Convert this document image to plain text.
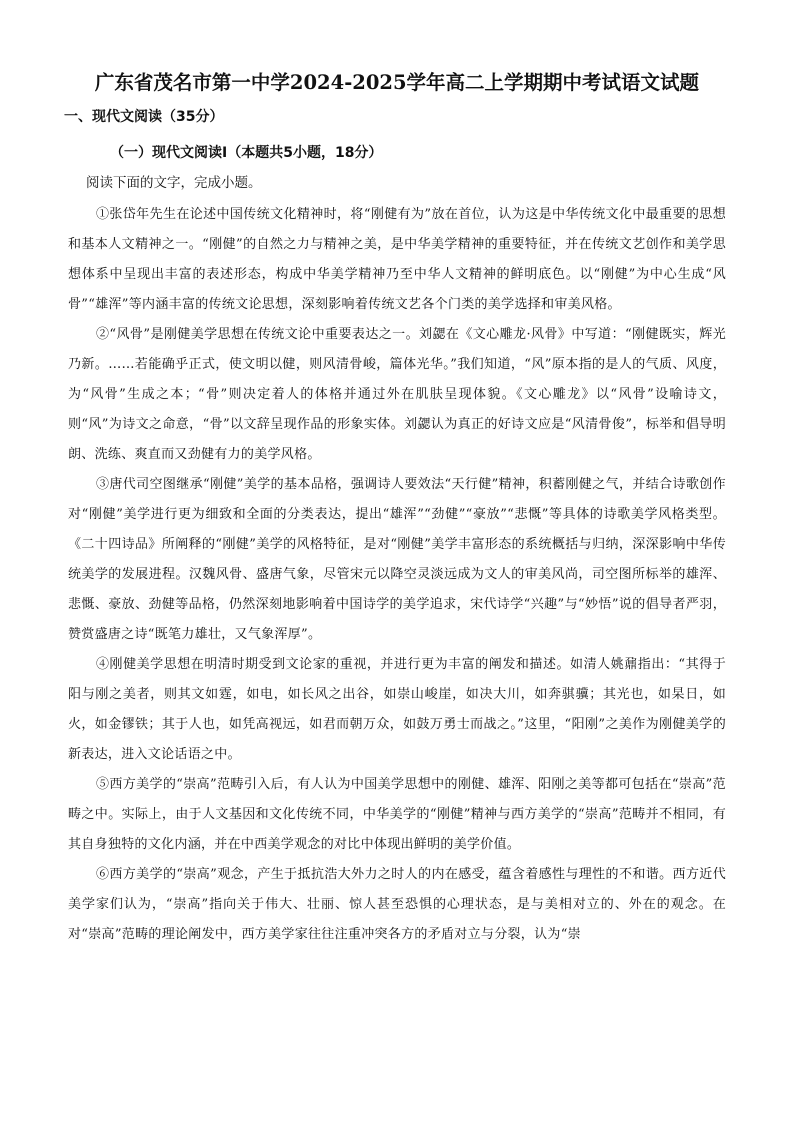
广东省茂名市第一中学2024-2025学年高二上学期期中考试语文试题
一、现代文阅读（35分）
（一）现代文阅读I（本题共5小题，18分）
阅读下面的文字，完成小题。

①张岱年先生在论述中国传统文化精神时，将“刚健有为”放在首位，认为这是中华传统文化中最重要的思想和基本人文精神之一。“刚健”的自然之力与精神之美，是中华美学精神的重要特征，并在传统文艺创作和美学思想体系中呈现出丰富的表述形态，构成中华美学精神乃至中华人文精神的鲜明底色。以“刚健”为中心生成“风骨”“雄浑”等内涵丰富的传统文论思想，深刻影响着传统文艺各个门类的美学选择和审美风格。

②“风骨”是刚健美学思想在传统文论中重要表达之一。刘勰在《文心雕龙·风骨》中写道：“刚健既实，辉光乃新。……若能确乎正式，使文明以健，则风清骨峻，篇体光华。”我们知道，“风”原本指的是人的气质、风度，为“风骨”生成之本；“骨”则决定着人的体格并通过外在肌肤呈现体貌。《文心雕龙》以“风骨”设喻诗文，则“风”为诗文之命意，“骨”以文辞呈现作品的形象实体。刘勰认为真正的好诗文应是“风清骨俊”，标举和倡导明朗、洗练、爽直而又劲健有力的美学风格。

③唐代司空图继承“刚健”美学的基本品格，强调诗人要效法“天行健”精神，积蓄刚健之气，并结合诗歌创作对“刚健”美学进行更为细致和全面的分类表达，提出“雄浑”“劲健”“豪放”“悲慨”等具体的诗歌美学风格类型。《二十四诗品》所阐释的“刚健”美学的风格特征，是对“刚健”美学丰富形态的系统概括与归纳，深深影响中华传统美学的发展进程。汉魏风骨、盛唐气象，尽管宋元以降空灵淡远成为文人的审美风尚，司空图所标举的雄浑、悲慨、豪放、劲健等品格，仍然深刻地影响着中国诗学的美学追求，宋代诗学“兴趣”与“妙悟”说的倡导者严羽，赞赏盛唐之诗“既笔力雄壮，又气象浑厚”。

④刚健美学思想在明清时期受到文论家的重视，并进行更为丰富的阐发和描述。如清人姚鼐指出：“其得于阳与刚之美者，则其文如霆，如电，如长风之出谷，如崇山峻崖，如决大川，如奔骐骥；其光也，如杲日，如火，如金镠铁；其于人也，如凭高视远，如君而朝万众，如鼓万勇士而战之。”这里，“阳刚”之美作为刚健美学的新表达，进入文论话语之中。

⑤西方美学的“崇高”范畴引入后，有人认为中国美学思想中的刚健、雄浑、阳刚之美等都可包括在“崇高”范畴之中。实际上，由于人文基因和文化传统不同，中华美学的“刚健”精神与西方美学的“崇高”范畴并不相同，有其自身独特的文化内涵，并在中西美学观念的对比中体现出鲜明的美学价值。

⑥西方美学的“崇高”观念，产生于抵抗浩大外力之时人的内在感受，蕴含着感性与理性的不和谐。西方近代美学家们认为，“崇高”指向关于伟大、壮丽、惊人甚至恐惧的心理状态，是与美相对立的、外在的观念。在对“崇高”范畴的理论阐发中，西方美学家往往注重冲突各方的矛盾对立与分裂，认为“崇
